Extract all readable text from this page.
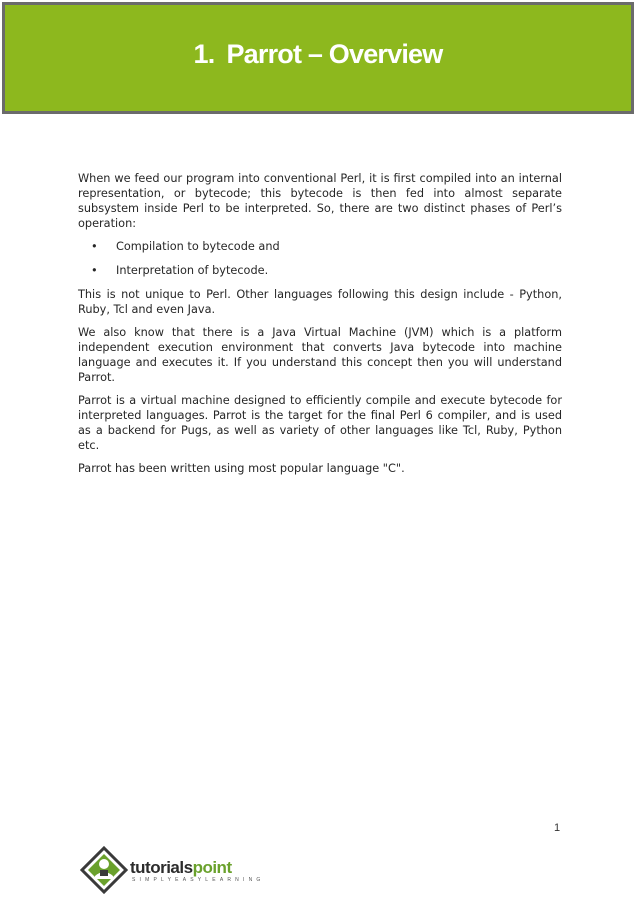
1. Parrot – Overview

When we feed our program into conventional Perl, it is first compiled into an internal representation, or bytecode; this bytecode is then fed into almost separate subsystem inside Perl to be interpreted. So, there are two distinct phases of Perl’s operation:

• Compilation to bytecode and
• Interpretation of bytecode.

This is not unique to Perl. Other languages following this design include - Python, Ruby, Tcl and even Java.

We also know that there is a Java Virtual Machine (JVM) which is a platform independent execution environment that converts Java bytecode into machine language and executes it. If you understand this concept then you will understand Parrot.

Parrot is a virtual machine designed to efficiently compile and execute bytecode for interpreted languages. Parrot is the target for the final Perl 6 compiler, and is used as a backend for Pugs, as well as variety of other languages like Tcl, Ruby, Python etc.

Parrot has been written using most popular language "C".

1
tutorialspoint
SIMPLYEASYLEARNING
